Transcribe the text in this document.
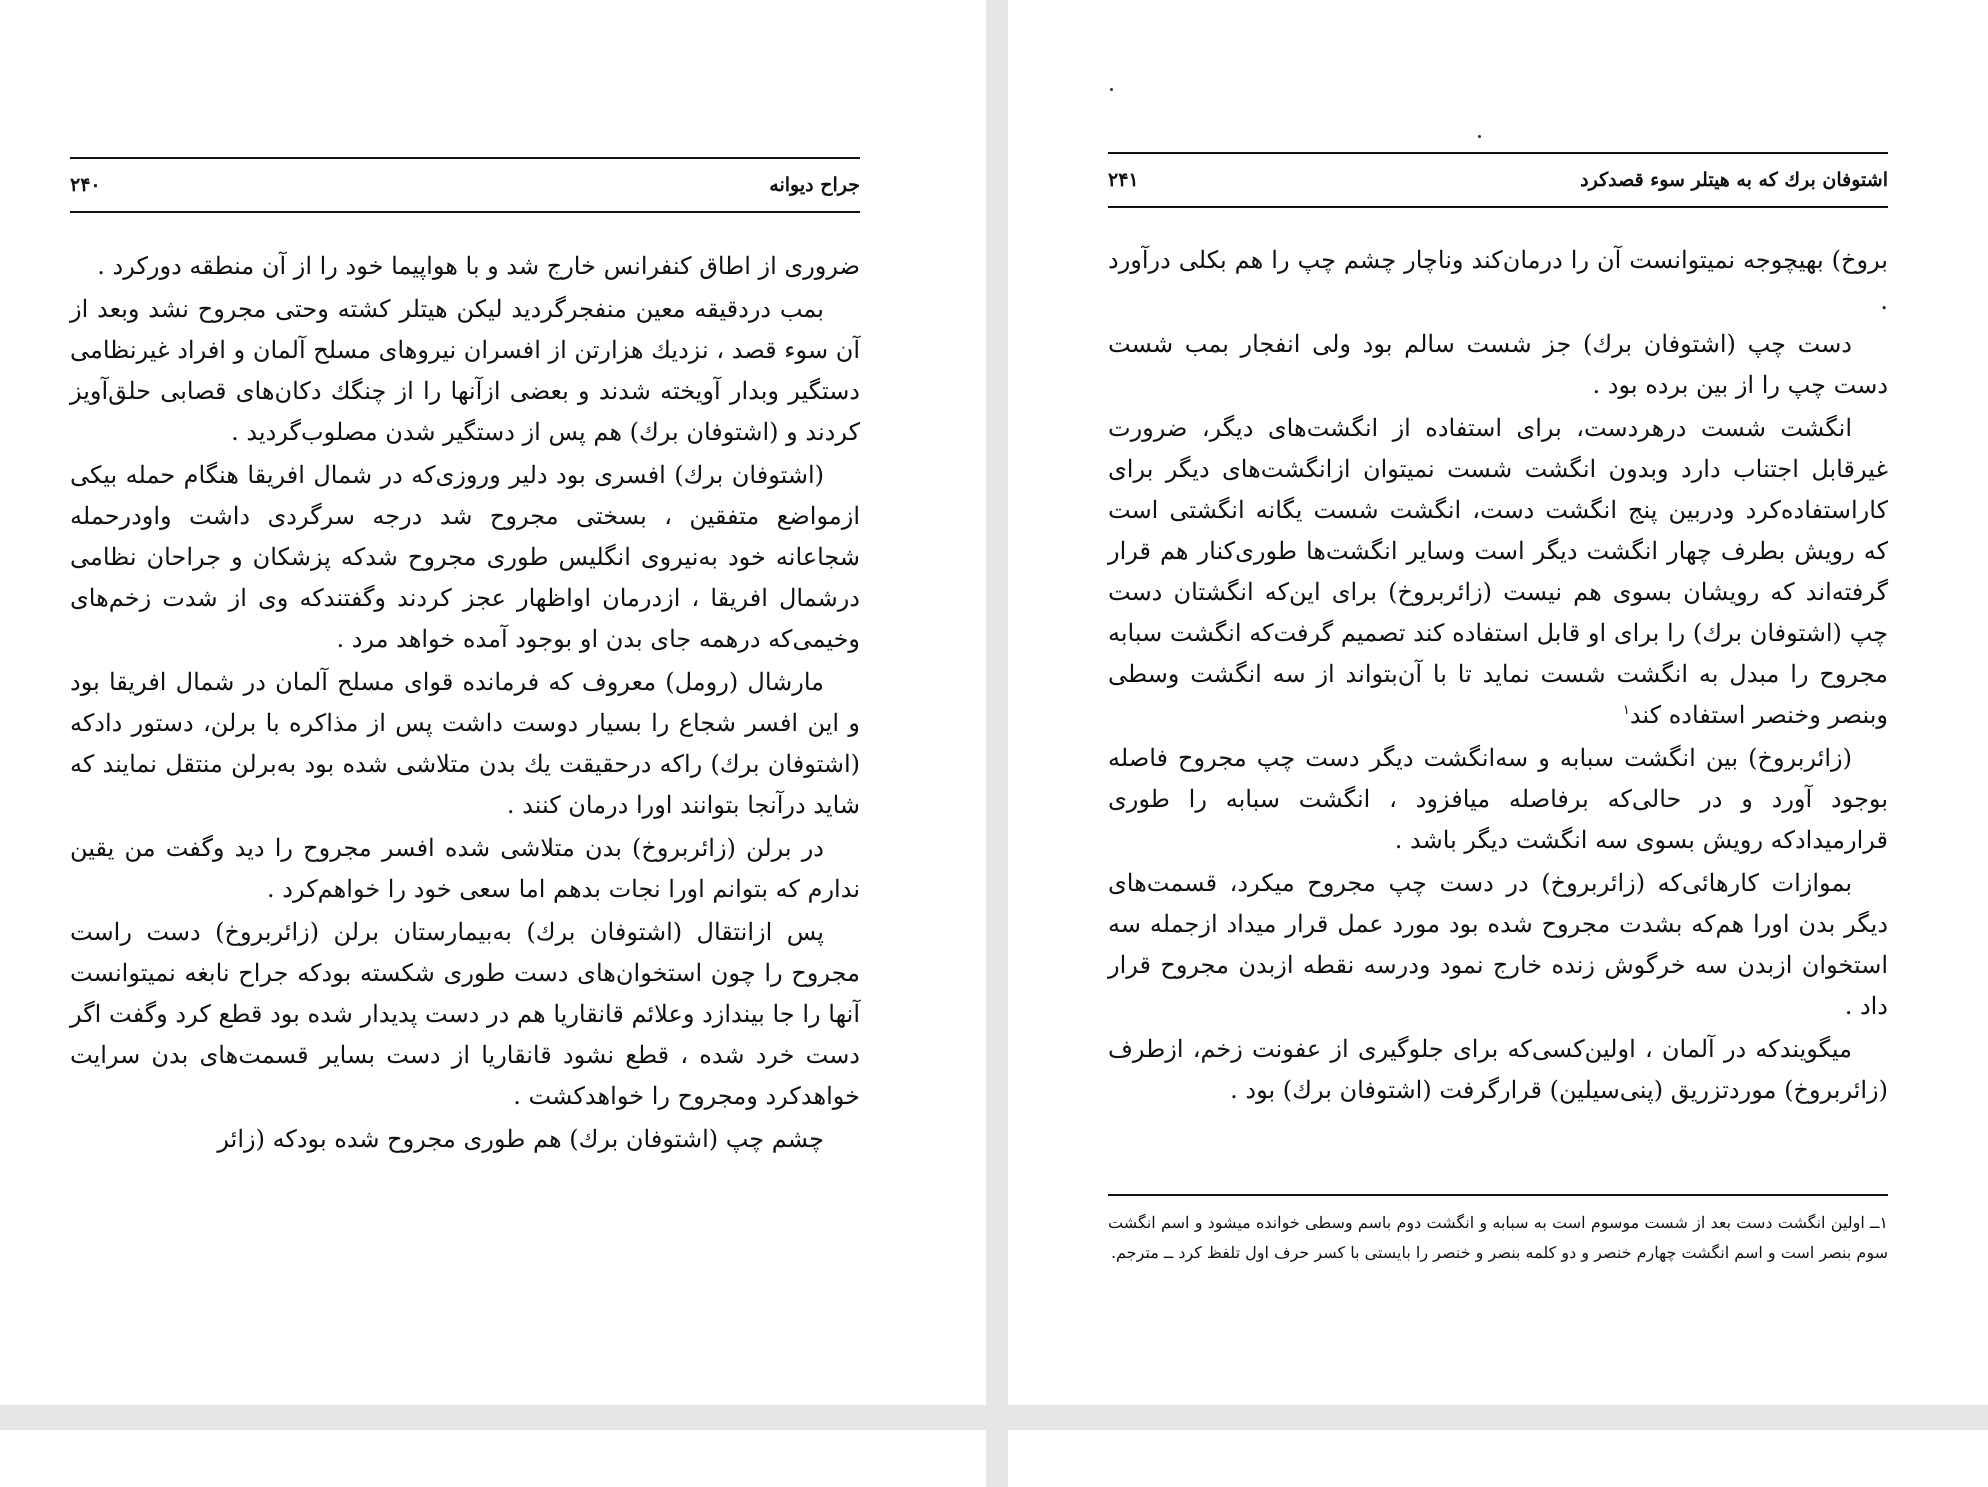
۲۴۰	جراح دیوانه

ضروری از اطاق کنفرانس خارج شد و با هواپیما خود را از آن منطقه دورکرد .

بمب دردقیقه معین منفجرگردید لیکن هیتلر کشته وحتی مجروح نشد وبعد از آن سوء قصد ، نزدیك هزارتن از افسران نیروهای مسلح آلمان و افراد غیرنظامی دستگیر وبدار آویخته شدند و بعضی ازآنها را از چنگك دکان‌های قصابی حلق‌آویز کردند و (اشتوفان برك) هم پس از دستگیر شدن مصلوب‌گردید .

(اشتوفان برك) افسری بود دلیر وروزی‌که در شمال افریقا هنگام حمله بیکی ازمواضع متفقین ، بسختی مجروح شد درجه سرگردی داشت واودرحمله شجاعانه خود به‌نیروی انگلیس طوری مجروح شدکه پزشکان و جراحان نظامی درشمال افریقا ، ازدرمان اواظهار عجز کردند وگفتندکه وی از شدت زخم‌های وخیمی‌که درهمه جای بدن او بوجود آمده خواهد مرد .

مارشال (رومل) معروف که فرمانده قوای مسلح آلمان در شمال افریقا بود و این افسر شجاع را بسیار دوست داشت پس از مذاکره با برلن، دستور دادکه (اشتوفان برك) راکه درحقیقت یك بدن متلاشی شده بود به‌برلن منتقل نمایند که شاید درآنجا بتوانند اورا درمان کنند .

در برلن (زائربروخ) بدن متلاشی شده افسر مجروح را دید وگفت من یقین ندارم که بتوانم اورا نجات بدهم اما سعی خود را خواهم‌کرد .

پس ازانتقال (اشتوفان برك) به‌بیمارستان برلن (زائربروخ) دست راست مجروح را چون استخوان‌های دست طوری شکسته بودکه جراح نابغه نمیتوانست آنها را جا بیندازد وعلائم قانقاریا هم در دست پدیدار شده بود قطع کرد وگفت اگر دست خرد شده ، قطع نشود قانقاریا از دست بسایر قسمت‌های بدن سرایت خواهدکرد ومجروح را خواهدکشت .

چشم چپ (اشتوفان برك) هم طوری مجروح شده بودکه (زائر

۲۴۱	اشتوفان برك که به هیتلر سوء قصدکرد

بروخ) بهیچوجه نمیتوانست آن را درمان‌کند وناچار چشم چپ را هم بکلی درآورد .

دست چپ (اشتوفان برك) جز شست سالم بود ولی انفجار بمب شست دست چپ را از بین برده بود .

انگشت شست درهردست، برای استفاده از انگشت‌های دیگر، ضرورت غیرقابل اجتناب دارد وبدون انگشت شست نمیتوان ازانگشت‌های دیگر برای کاراستفاده‌کرد ودربین پنج انگشت دست، انگشت شست یگانه انگشتی است که رویش بطرف چهار انگشت دیگر است وسایر انگشت‌ها طوری‌کنار هم قرار گرفته‌اند که رویشان بسوی هم نیست (زائربروخ) برای این‌که انگشتان دست چپ (اشتوفان برك) را برای او قابل استفاده کند تصمیم گرفت‌که انگشت سبابه مجروح را مبدل به انگشت شست نماید تا با آن‌بتواند از سه انگشت وسطی وبنصر وخنصر استفاده کند$^۱$

(زائربروخ) بین انگشت سبابه و سه‌انگشت دیگر دست چپ مجروح فاصله بوجود آورد و در حالی‌که برفاصله میافزود ، انگشت سبابه را طوری قرارمیدادکه رویش بسوی سه انگشت دیگر باشد .

بموازات کارهائی‌که (زائربروخ) در دست چپ مجروح میکرد، قسمت‌های دیگر بدن اورا هم‌که بشدت مجروح شده بود مورد عمل قرار میداد ازجمله سه استخوان ازبدن سه خرگوش زنده خارج نمود ودرسه نقطه ازبدن مجروح قرار داد .

میگویندکه در آلمان ، اولین‌کسی‌که برای جلوگیری از عفونت زخم، ازطرف (زائربروخ) موردتزریق (پنی‌سیلین) قرارگرفت (اشتوفان برك) بود .

۱ــ اولین انگشت دست بعد از شست موسوم است به سبابه و انگشت دوم باسم وسطی خوانده میشود و اسم انگشت سوم بنصر است و اسم انگشت چهارم خنصر و دو کلمه بنصر و خنصر را بایستی با کسر حرف اول تلفظ کرد ــ مترجم.
